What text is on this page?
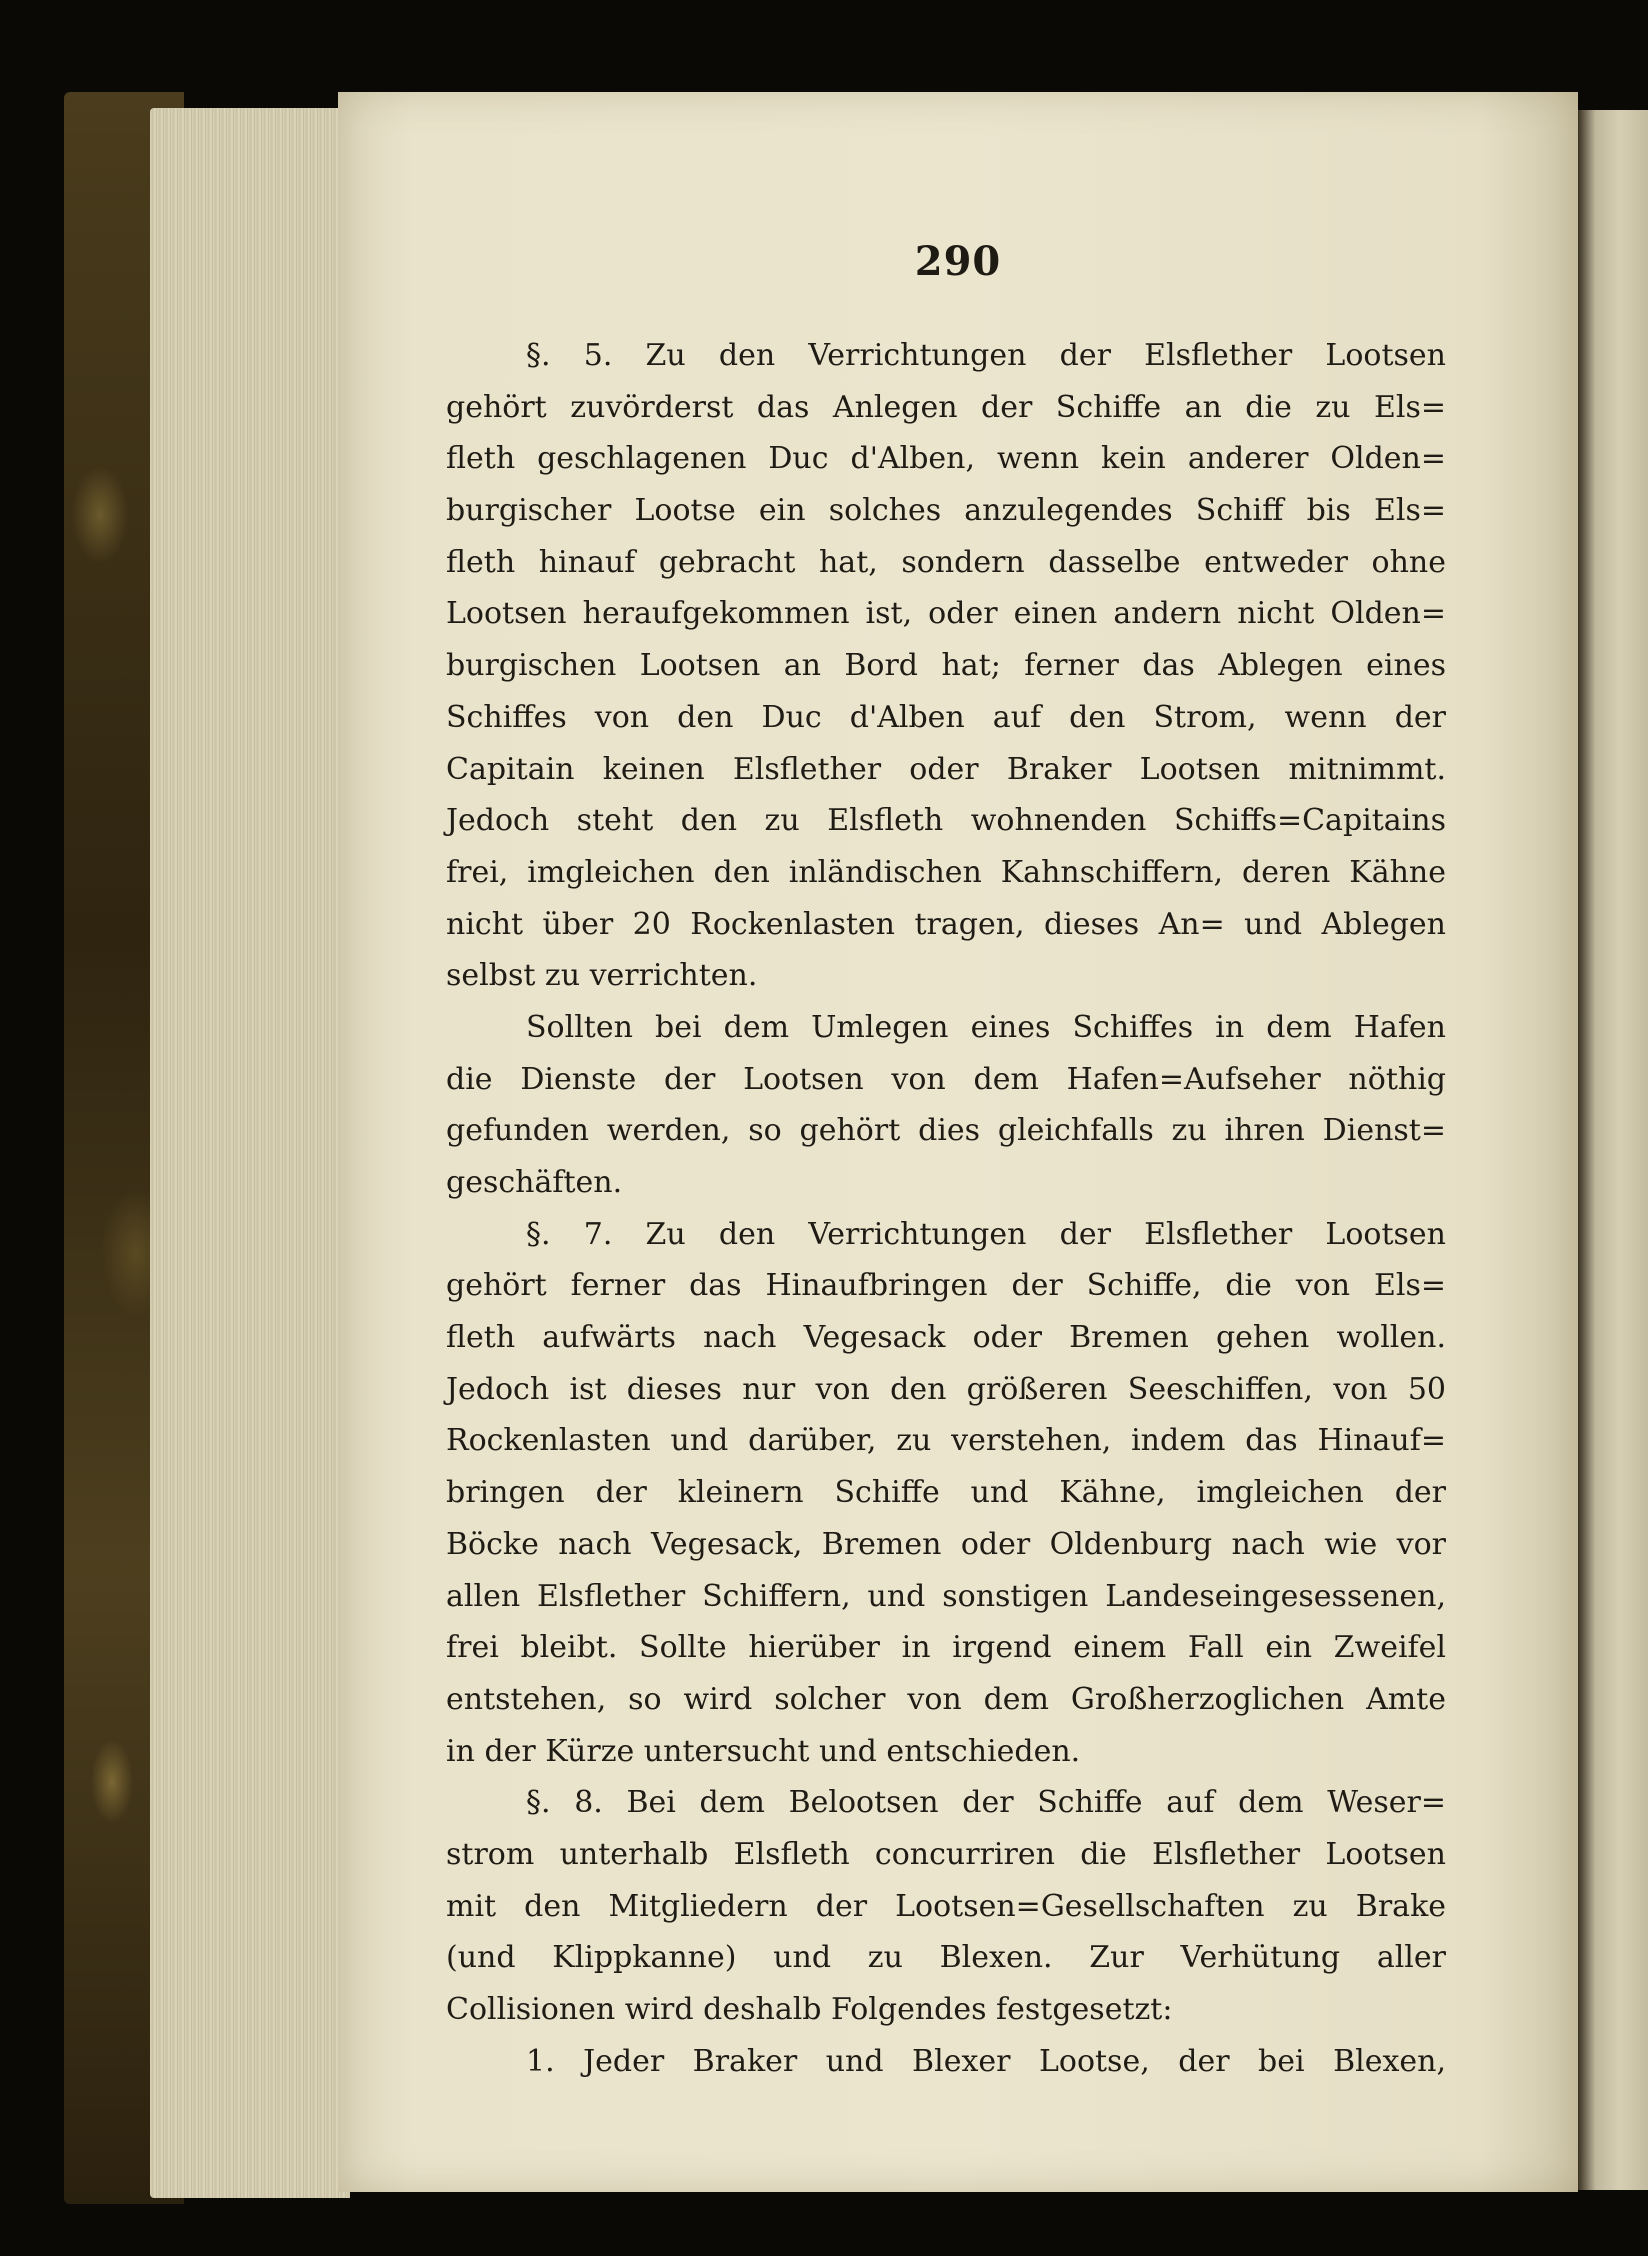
290
§. 5. Zu den Verrichtungen der Elsflether Lootsen
gehört zuvörderst das Anlegen der Schiffe an die zu Els=
fleth geschlagenen Duc d'Alben, wenn kein anderer Olden=
burgischer Lootse ein solches anzulegendes Schiff bis Els=
fleth hinauf gebracht hat, sondern dasselbe entweder ohne
Lootsen heraufgekommen ist, oder einen andern nicht Olden=
burgischen Lootsen an Bord hat; ferner das Ablegen eines
Schiffes von den Duc d'Alben auf den Strom, wenn der
Capitain keinen Elsflether oder Braker Lootsen mitnimmt.
Jedoch steht den zu Elsfleth wohnenden Schiffs=Capitains
frei, imgleichen den inländischen Kahnschiffern, deren Kähne
nicht über 20 Rockenlasten tragen, dieses An= und Ablegen
selbst zu verrichten.
Sollten bei dem Umlegen eines Schiffes in dem Hafen
die Dienste der Lootsen von dem Hafen=Aufseher nöthig
gefunden werden, so gehört dies gleichfalls zu ihren Dienst=
geschäften.
§. 7. Zu den Verrichtungen der Elsflether Lootsen
gehört ferner das Hinaufbringen der Schiffe, die von Els=
fleth aufwärts nach Vegesack oder Bremen gehen wollen.
Jedoch ist dieses nur von den größeren Seeschiffen, von 50
Rockenlasten und darüber, zu verstehen, indem das Hinauf=
bringen der kleinern Schiffe und Kähne, imgleichen der
Böcke nach Vegesack, Bremen oder Oldenburg nach wie vor
allen Elsflether Schiffern, und sonstigen Landeseingesessenen,
frei bleibt. Sollte hierüber in irgend einem Fall ein Zweifel
entstehen, so wird solcher von dem Großherzoglichen Amte
in der Kürze untersucht und entschieden.
§. 8. Bei dem Belootsen der Schiffe auf dem Weser=
strom unterhalb Elsfleth concurriren die Elsflether Lootsen
mit den Mitgliedern der Lootsen=Gesellschaften zu Brake
(und Klippkanne) und zu Blexen. Zur Verhütung aller
Collisionen wird deshalb Folgendes festgesetzt:
1. Jeder Braker und Blexer Lootse, der bei Blexen,
